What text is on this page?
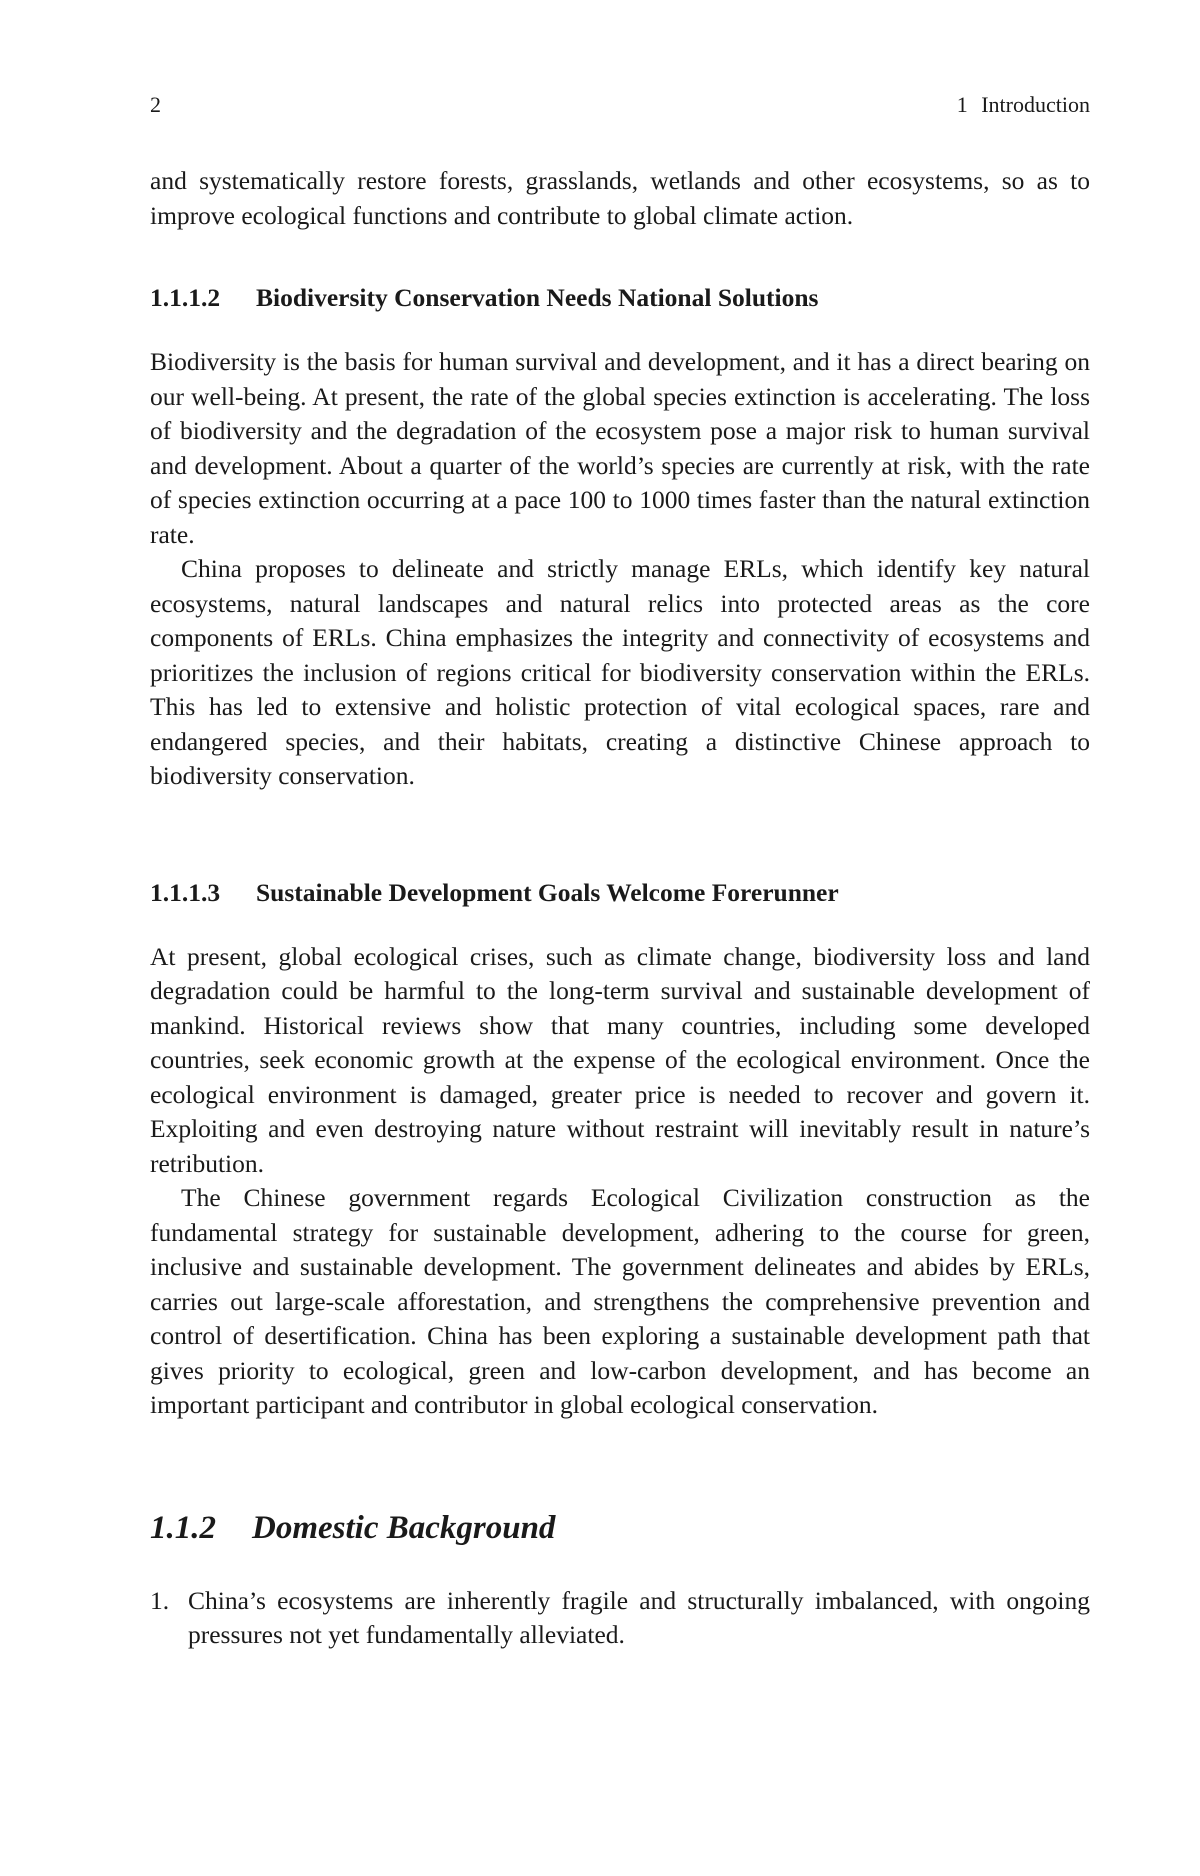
2	1 Introduction

and systematically restore forests, grasslands, wetlands and other ecosystems, so as to improve ecological functions and contribute to global climate action.

1.1.1.2 Biodiversity Conservation Needs National Solutions

Biodiversity is the basis for human survival and development, and it has a direct bearing on our well-being. At present, the rate of the global species extinction is accelerating. The loss of biodiversity and the degradation of the ecosystem pose a major risk to human survival and development. About a quarter of the world’s species are currently at risk, with the rate of species extinction occurring at a pace 100 to 1000 times faster than the natural extinction rate.

China proposes to delineate and strictly manage ERLs, which identify key natural ecosystems, natural landscapes and natural relics into protected areas as the core components of ERLs. China emphasizes the integrity and connectivity of ecosystems and prioritizes the inclusion of regions critical for biodiversity conservation within the ERLs. This has led to extensive and holistic protection of vital ecological spaces, rare and endangered species, and their habitats, creating a distinctive Chinese approach to biodiversity conservation.

1.1.1.3 Sustainable Development Goals Welcome Forerunner

At present, global ecological crises, such as climate change, biodiversity loss and land degradation could be harmful to the long-term survival and sustainable development of mankind. Historical reviews show that many countries, including some developed countries, seek economic growth at the expense of the ecological environment. Once the ecological environment is damaged, greater price is needed to recover and govern it. Exploiting and even destroying nature without restraint will inevitably result in nature’s retribution.

The Chinese government regards Ecological Civilization construction as the fundamental strategy for sustainable development, adhering to the course for green, inclusive and sustainable development. The government delineates and abides by ERLs, carries out large-scale afforestation, and strengthens the comprehensive prevention and control of desertification. China has been exploring a sustainable development path that gives priority to ecological, green and low-carbon development, and has become an important participant and contributor in global ecological conservation.

1.1.2 Domestic Background
1. China’s ecosystems are inherently fragile and structurally imbalanced, with ongoing pressures not yet fundamentally alleviated.
